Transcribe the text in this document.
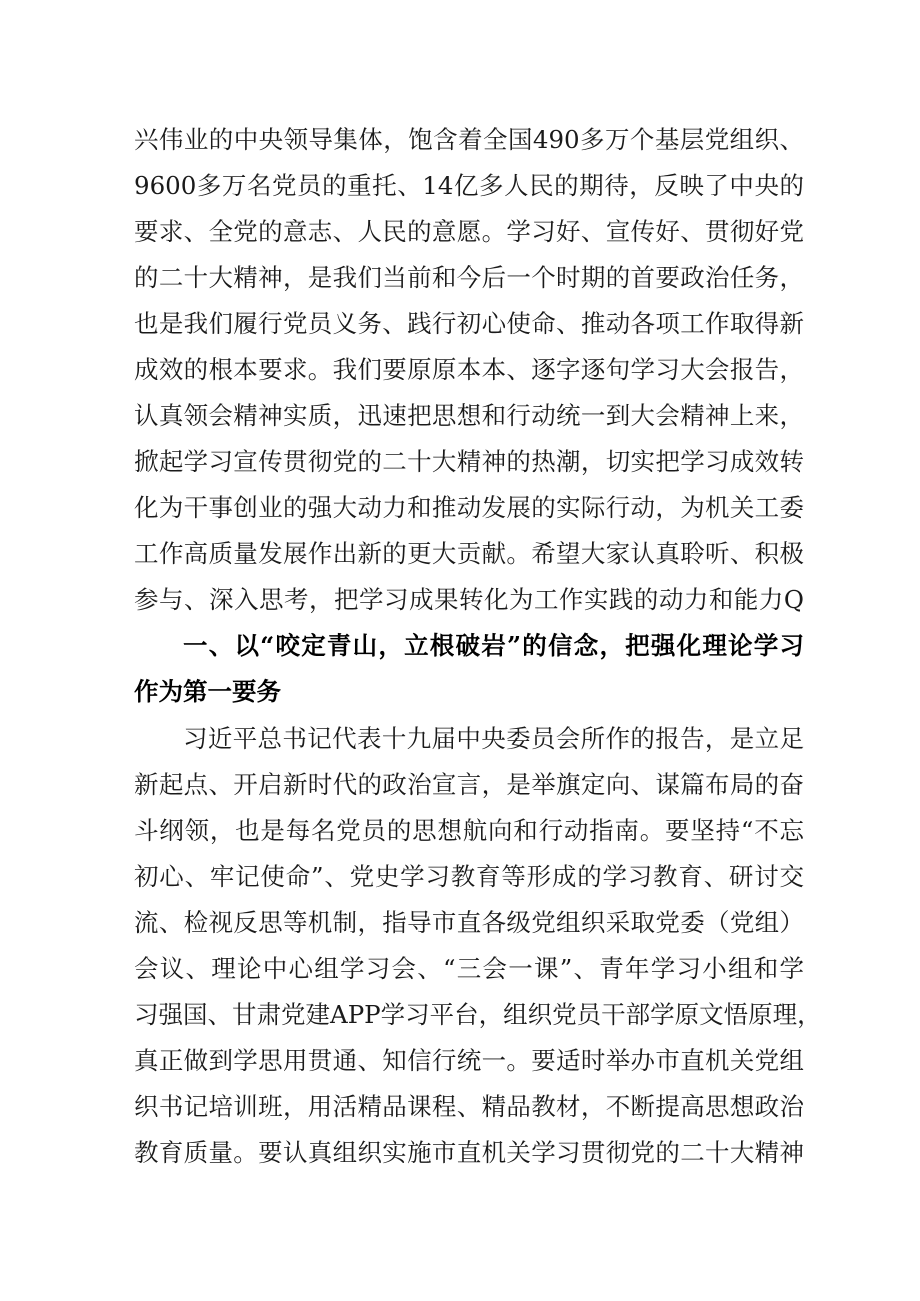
兴伟业的中央领导集体，饱含着全国490多万个基层党组织、
9600多万名党员的重托、14亿多人民的期待，反映了中央的
要求、全党的意志、人民的意愿。学习好、宣传好、贯彻好党
的二十大精神，是我们当前和今后一个时期的首要政治任务，
也是我们履行党员义务、践行初心使命、推动各项工作取得新
成效的根本要求。我们要原原本本、逐字逐句学习大会报告，
认真领会精神实质，迅速把思想和行动统一到大会精神上来，
掀起学习宣传贯彻党的二十大精神的热潮，切实把学习成效转
化为干事创业的强大动力和推动发展的实际行动，为机关工委
工作高质量发展作出新的更大贡献。希望大家认真聆听、积极
参与、深入思考，把学习成果转化为工作实践的动力和能力Q
一、以“咬定青山，立根破岩”的信念，把强化理论学习
作为第一要务
习近平总书记代表十九届中央委员会所作的报告，是立足
新起点、开启新时代的政治宣言，是举旗定向、谋篇布局的奋
斗纲领，也是每名党员的思想航向和行动指南。要坚持“不忘
初心、牢记使命”、党史学习教育等形成的学习教育、研讨交
流、检视反思等机制，指导市直各级党组织采取党委（党组）
会议、理论中心组学习会、“三会一课”、青年学习小组和学
习强国、甘肃党建APP学习平台，组织党员干部学原文悟原理，
真正做到学思用贯通、知信行统一。要适时举办市直机关党组
织书记培训班，用活精品课程、精品教材，不断提高思想政治
教育质量。要认真组织实施市直机关学习贯彻党的二十大精神
